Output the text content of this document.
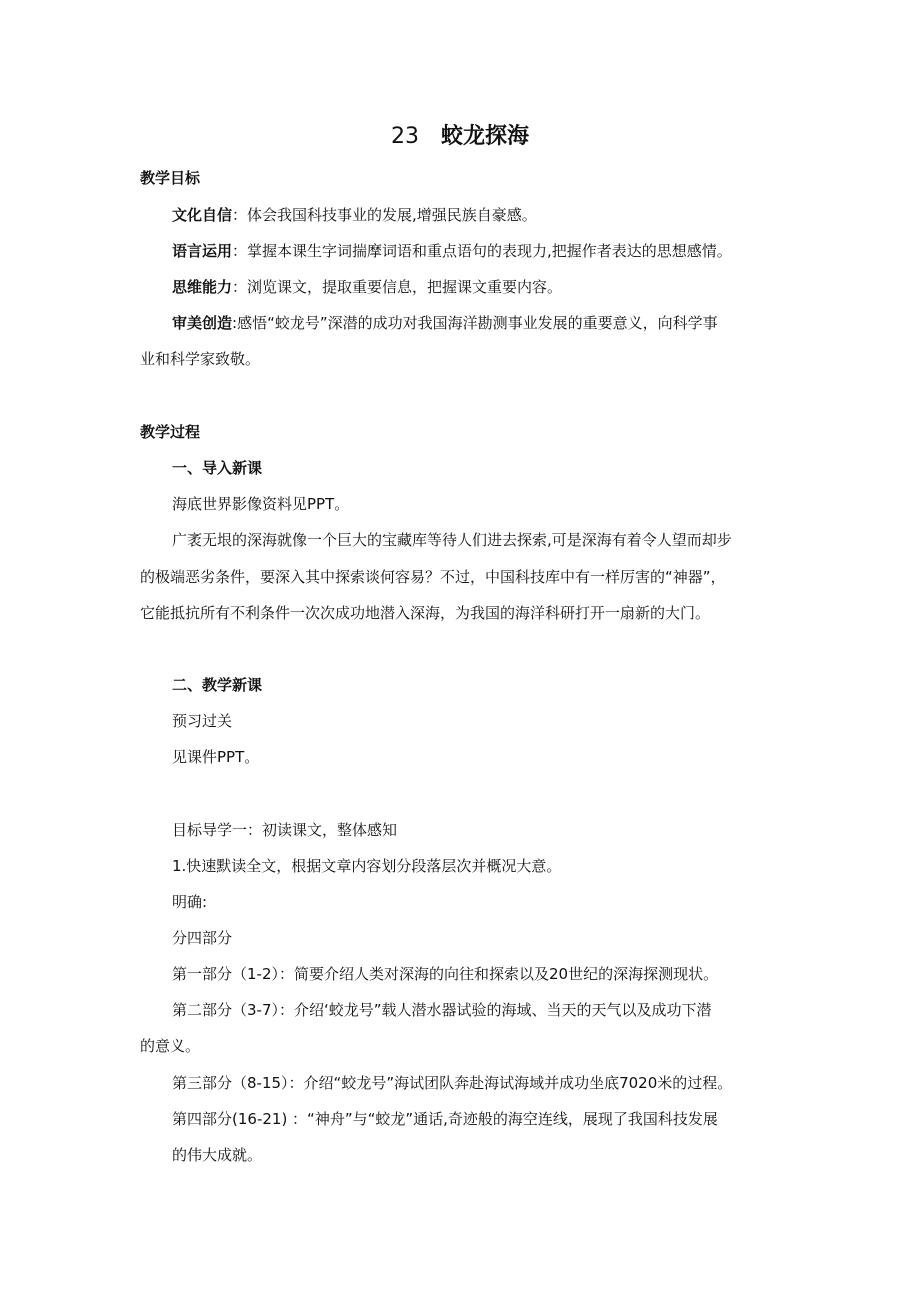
23 蛟龙探海
教学目标
文化自信：体会我国科技事业的发展,增强民族自豪感。
语言运用：掌握本课生字词揣摩词语和重点语句的表现力,把握作者表达的思想感情。
思维能力：浏览课文，提取重要信息，把握课文重要内容。
审美创造:感悟“蛟龙号”深潜的成功对我国海洋勘测事业发展的重要意义，向科学事
业和科学家致敬。
教学过程
一、导入新课
海底世界影像资料见PPT。
广袤无垠的深海就像一个巨大的宝藏库等待人们进去探索,可是深海有着令人望而却步
的极端恶劣条件，要深入其中探索谈何容易？不过，中国科技库中有一样厉害的“神器”，
它能抵抗所有不利条件一次次成功地潜入深海，为我国的海洋科研打开一扇新的大门。
二、教学新课
预习过关
见课件PPT。
目标导学一：初读课文，整体感知
1.快速默读全文，根据文章内容划分段落层次并概况大意。
明确:
分四部分
第一部分（1-2）：简要介绍人类对深海的向往和探索以及20世纪的深海探测现状。
第二部分（3-7）：介绍‘蛟龙号”载人潜水器试验的海域、当天的天气以及成功下潜
的意义。
第三部分（8-15）：介绍“蛟龙号”海试团队奔赴海试海域并成功坐底7020米的过程。
第四部分(16-21) ：“神舟”与“蛟龙”通话,奇迹般的海空连线，展现了我国科技发展
的伟大成就。
